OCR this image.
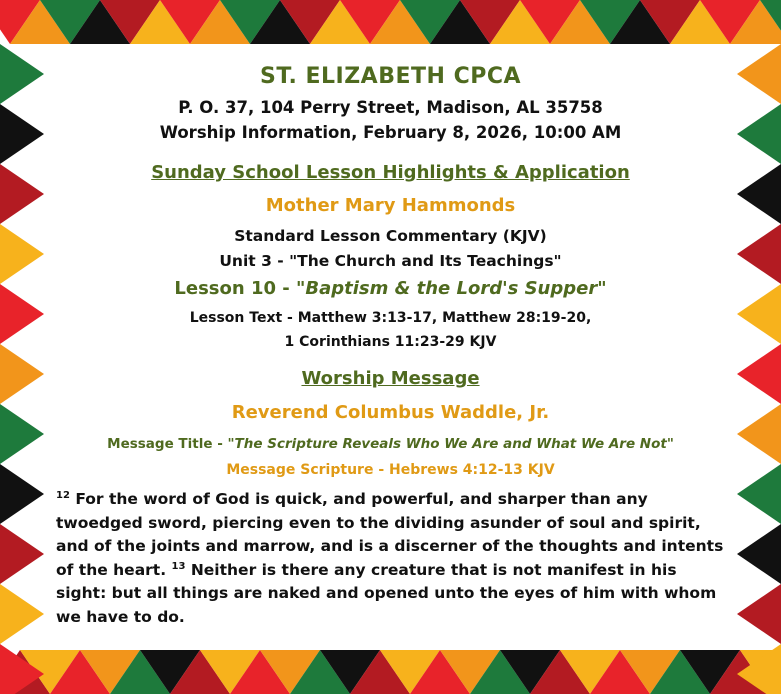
ST. ELIZABETH CPCA
P. O. 37, 104 Perry Street, Madison, AL 35758
Worship Information, February 8, 2026, 10:00 AM
Sunday School Lesson Highlights & Application
Mother Mary Hammonds
Standard Lesson Commentary (KJV)
Unit 3 - "The Church and Its Teachings"
Lesson 10 - "Baptism & the Lord's Supper"
Lesson Text - Matthew 3:13-17, Matthew 28:19-20,
1 Corinthians 11:23-29 KJV
Worship Message
Reverend Columbus Waddle, Jr.
Message Title - "The Scripture Reveals Who We Are and What We Are Not"
Message Scripture - Hebrews 4:12-13 KJV
$^{12}$ For the word of God is quick, and powerful, and sharper than any twoedged sword, piercing even to the dividing asunder of soul and spirit, and of the joints and marrow, and is a discerner of the thoughts and intents of the heart. $^{13}$ Neither is there any creature that is not manifest in his sight: but all things are naked and opened unto the eyes of him with whom we have to do.
